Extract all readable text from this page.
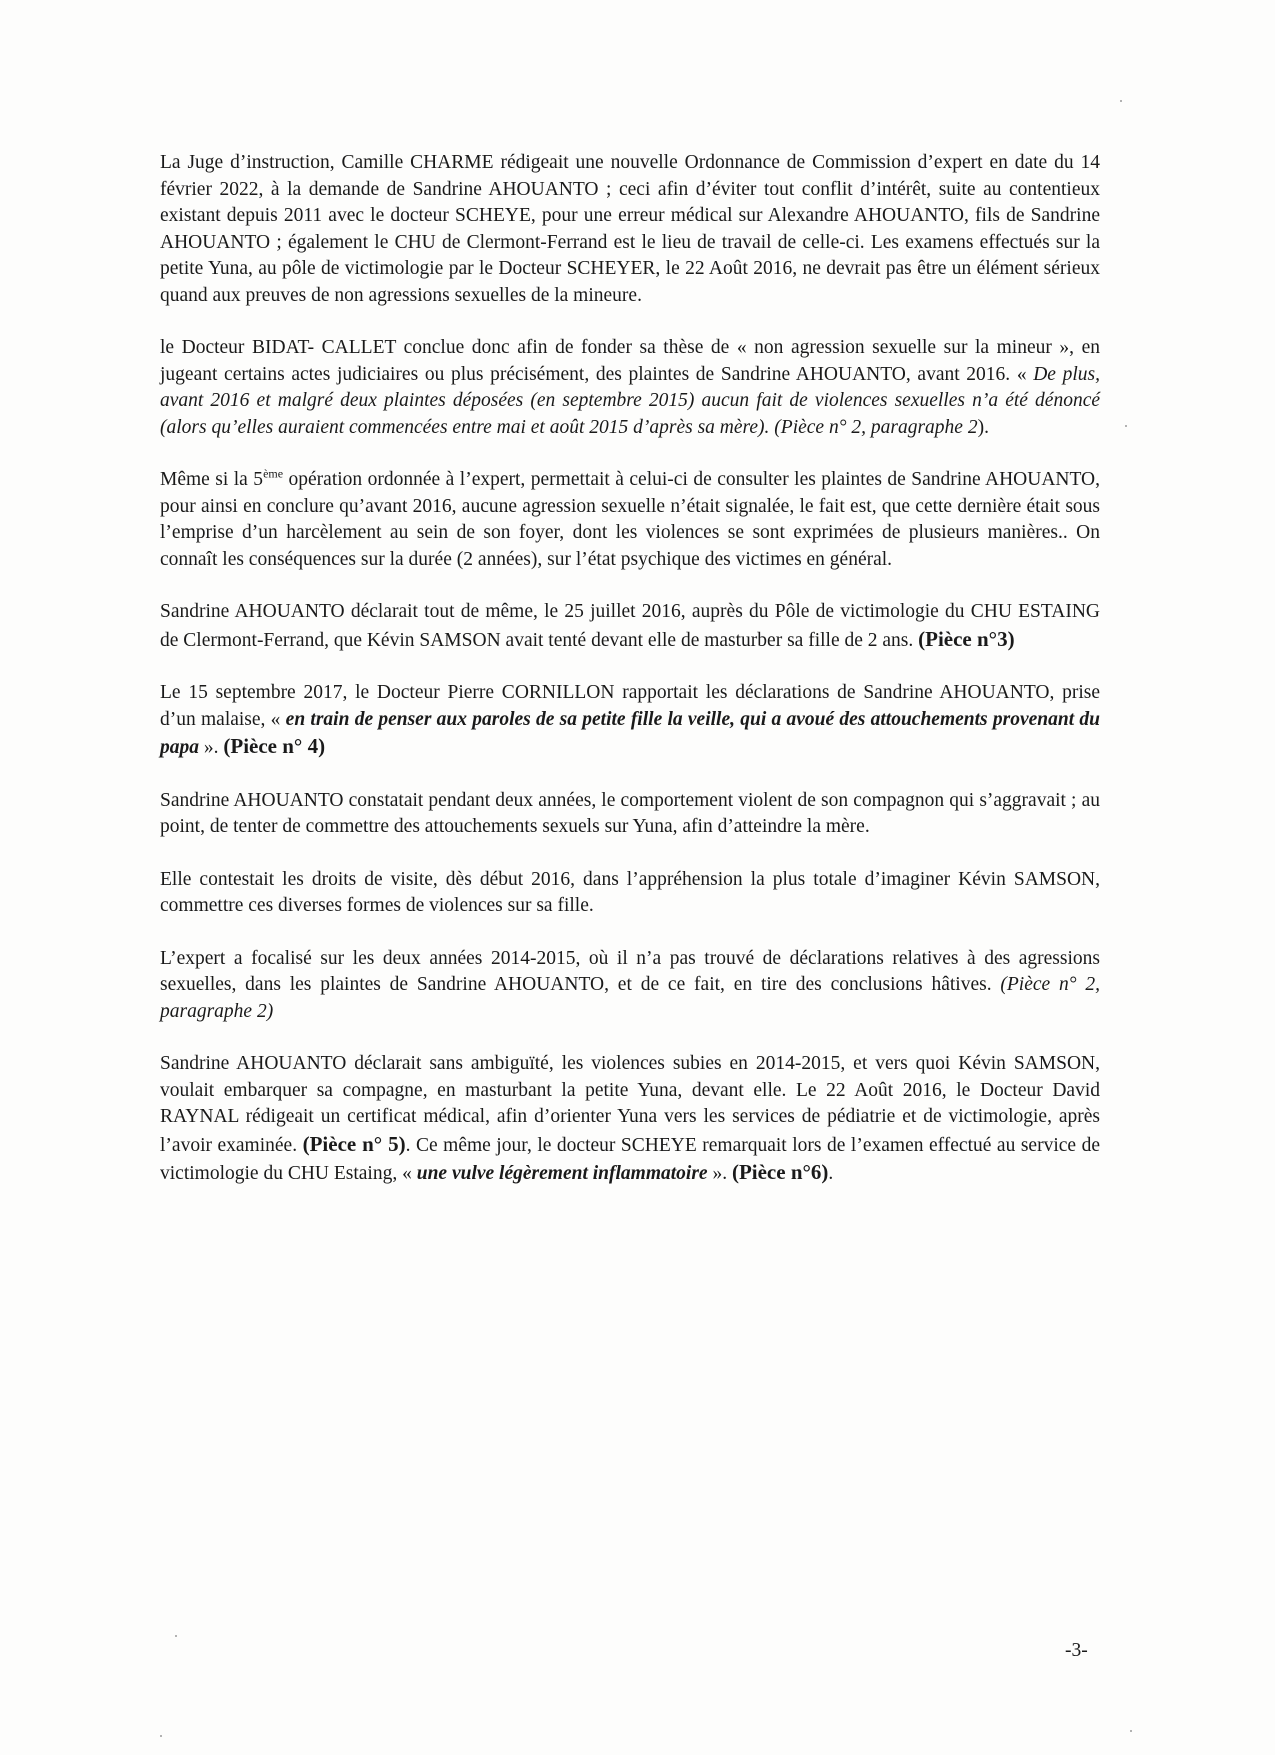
La Juge d’instruction, Camille CHARME rédigeait une nouvelle Ordonnance de Commission d’expert en date du 14 février 2022, à la demande de Sandrine AHOUANTO ; ceci afin d’éviter tout conflit d’intérêt, suite au contentieux existant depuis 2011 avec le docteur SCHEYE, pour une erreur médical sur Alexandre AHOUANTO, fils de Sandrine AHOUANTO ; également le CHU de Clermont-Ferrand est le lieu de travail de celle-ci. Les examens effectués sur la petite Yuna, au pôle de victimologie par le Docteur SCHEYER, le 22 Août 2016, ne devrait pas être un élément sérieux quand aux preuves de non agressions sexuelles de la mineure.

le Docteur BIDAT- CALLET conclue donc afin de fonder sa thèse de « non agression sexuelle sur la mineur », en jugeant certains actes judiciaires ou plus précisément, des plaintes de Sandrine AHOUANTO, avant 2016. « De plus, avant 2016 et malgré deux plaintes déposées (en septembre 2015) aucun fait de violences sexuelles n’a été dénoncé (alors qu’elles auraient commencées entre mai et août 2015 d’après sa mère). (Pièce n° 2, paragraphe 2).

Même si la 5ème opération ordonnée à l’expert, permettait à celui-ci de consulter les plaintes de Sandrine AHOUANTO, pour ainsi en conclure qu’avant 2016, aucune agression sexuelle n’était signalée, le fait est, que cette dernière était sous l’emprise d’un harcèlement au sein de son foyer, dont les violences se sont exprimées de plusieurs manières.. On connaît les conséquences sur la durée (2 années), sur l’état psychique des victimes en général.

Sandrine AHOUANTO déclarait tout de même, le 25 juillet 2016, auprès du Pôle de victimologie du CHU ESTAING de Clermont-Ferrand, que Kévin SAMSON avait tenté devant elle de masturber sa fille de 2 ans. (Pièce n°3)

Le 15 septembre 2017, le Docteur Pierre CORNILLON rapportait les déclarations de Sandrine AHOUANTO, prise d’un malaise, « en train de penser aux paroles de sa petite fille la veille, qui a avoué des attouchements provenant du papa ». (Pièce n° 4)

Sandrine AHOUANTO constatait pendant deux années, le comportement violent de son compagnon qui s’aggravait ; au point, de tenter de commettre des attouchements sexuels sur Yuna, afin d’atteindre la mère.

Elle contestait les droits de visite, dès début 2016, dans l’appréhension la plus totale d’imaginer Kévin SAMSON, commettre ces diverses formes de violences sur sa fille.

L’expert a focalisé sur les deux années 2014-2015, où il n’a pas trouvé de déclarations relatives à des agressions sexuelles, dans les plaintes de Sandrine AHOUANTO, et de ce fait, en tire des conclusions hâtives. (Pièce n° 2, paragraphe 2)

Sandrine AHOUANTO déclarait sans ambiguïté, les violences subies en 2014-2015, et vers quoi Kévin SAMSON, voulait embarquer sa compagne, en masturbant la petite Yuna, devant elle. Le 22 Août 2016, le Docteur David RAYNAL rédigeait un certificat médical, afin d’orienter Yuna vers les services de pédiatrie et de victimologie, après l’avoir examinée. (Pièce n° 5). Ce même jour, le docteur SCHEYE remarquait lors de l’examen effectué au service de victimologie du CHU Estaing, « une vulve légèrement inflammatoire ». (Pièce n°6).

-3-
